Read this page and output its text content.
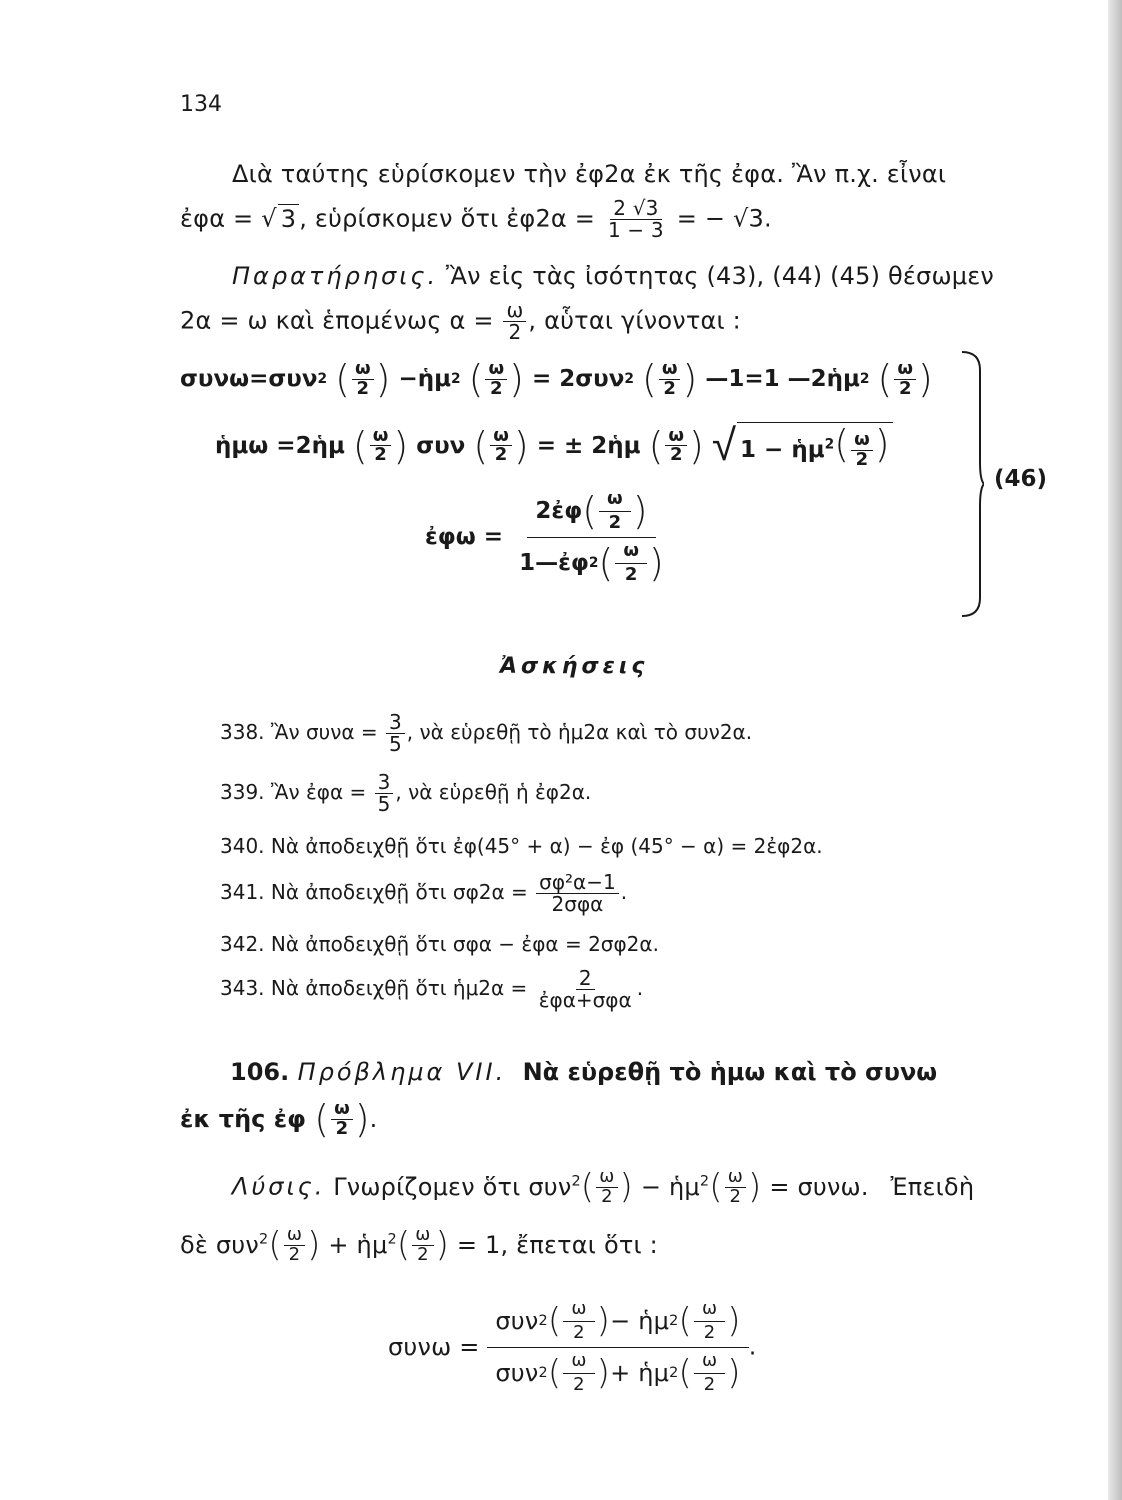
134
Διὰ ταύτης εὑρίσκομεν τὴν ἐφ2α ἐκ τῆς ἐφα. Ἂν π.χ. εἶναι
ἐφα = √ 3 , εὑρίσκομεν ὅτι ἐφ2α = $\frac{2 √3}{1 - 3}$ = − √3.
Παρατήρησις. Ἂν εἰς τὰς ἰσότητας (43), (44) (45) θέσωμεν
2α = ω καὶ ἑπομένως $\alpha = \frac{\omega}{2}$ , αὗται γίνονται :
συνω=συν 2
( $\frac{\omega}{2}$ )
−ἡμ 2
( $\frac{\omega}{2}$ )
= 2συν 2
( $\frac{\omega}{2}$ )
—1=1 —2ἡμ 2
( $\frac{\omega}{2}$ )
ἡμω =2ἡμ ( $\frac{\omega}{2}$ ) συν ( $\frac{\omega}{2}$ ) = ± 2ἡμ ( $\frac{\omega}{2}$ )
√ 1 − ἡμ$^2$( $\frac{\omega}{2}$ )
ἐφω = $\frac{2ἐ\varphi ( \frac{\omega}{2} )}{1—ἐ\varphi 2 ( \frac{\omega}{2} )}$
(46)
Ἀσκήσεις
338. Ἂν $\sigma\upsilon\nu\alpha = \frac{3}{5}$ , νὰ εὑρεθῇ τὸ ἡμ2α καὶ τὸ συν2α.
339. Ἂν ἐφα = $\frac{3}{5}$ , νὰ εὑρεθῇ ἡ ἐφ2α.
340. Νὰ ἀποδειχθῇ ὅτι ἐφ(45° + α) − ἐφ (45° − α) = 2ἐφ2α.
341. Νὰ ἀποδειχθῇ ὅτι $\sigma\varphi 2\alpha = \frac{\text{σφ²α−1}}{\text{2σφα}}$ .
342. Νὰ ἀποδειχθῇ ὅτι σφα − ἐφα = 2σφ2α.
343. Νὰ ἀποδειχθῇ ὅτι ἡμ2α = $\frac{2}{\text{ἐφα+σφα}}$ .
106. Πρόβλημα VII. Νὰ εὑρεθῇ τὸ ἡμω καὶ τὸ συνω
ἐκ τῆς ἐφ ( $\frac{\omega}{2}$ ) .
Λύσις. Γνωρίζομεν ὅτι συν$^2$ ( $\frac{\omega}{2}$ ) − ἡμ$^2$ ( $\frac{\omega}{2}$ ) = συνω. Ἐπειδὴ
δὲ συν$^2$ ( $\frac{\omega}{2}$ ) + ἡμ$^2$ ( $\frac{\omega}{2}$ ) = 1, ἔπεται ὅτι :
συνω =
συν 2 ( $\frac{\omega}{2}$ ) − ἡμ 2 ( $\frac{\omega}{2}$ )
συν 2 ( $\frac{\omega}{2}$ ) + ἡμ 2 ( $\frac{\omega}{2}$ )
.
